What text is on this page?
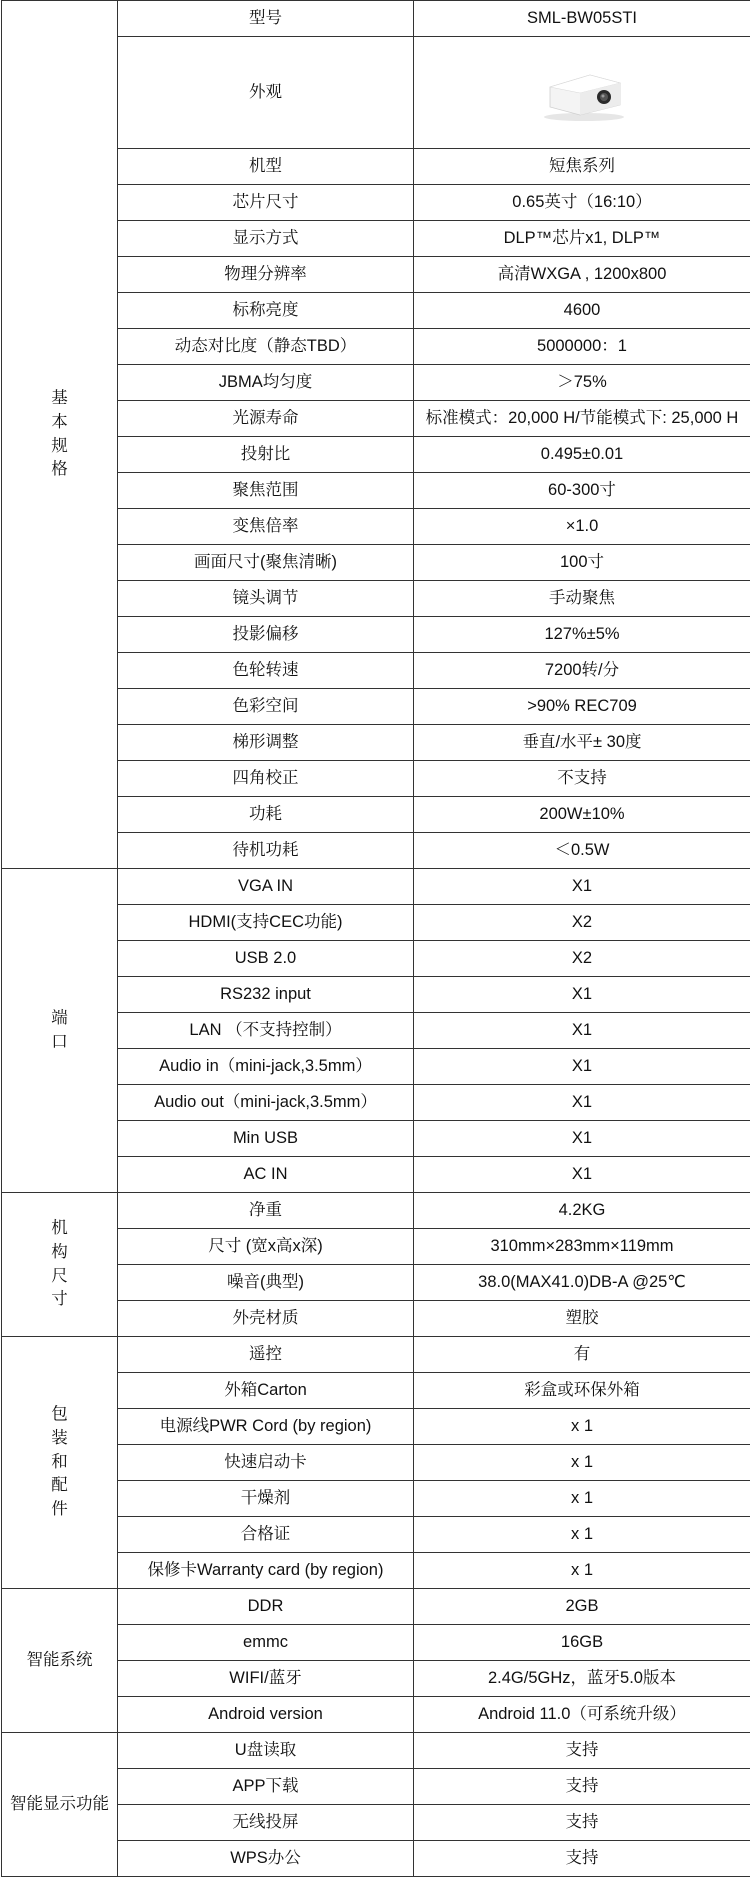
基本规格	型号	SML-BW05STI
	外观	

	机型	短焦系列
	芯片尺寸	0.65英寸（16:10）
	显示方式	DLP™芯片x1, DLP™
	物理分辨率	高清WXGA , 1200x800
	标称亮度	4600
	动态对比度（静态TBD）	5000000：1
	JBMA均匀度	＞75%
	光源寿命	标准模式：20,000 H/节能模式下: 25,000 H
	投射比	0.495±0.01
	聚焦范围	60-300寸
	变焦倍率	×1.0
	画面尺寸(聚焦清晰)	100寸
	镜头调节	手动聚焦
	投影偏移	127%±5%
	色轮转速	7200转/分
	色彩空间	>90% REC709
	梯形调整	垂直/水平± 30度
	四角校正	不支持
	功耗	200W±10%
	待机功耗	＜0.5W
端口	VGA IN	X1
	HDMI(支持CEC功能)	X2
	USB 2.0	X2
	RS232 input	X1
	LAN （不支持控制）	X1
	Audio in（mini-jack,3.5mm）	X1
	Audio out（mini-jack,3.5mm）	X1
	Min USB	X1
	AC IN	X1
机构尺寸	净重	4.2KG
	尺寸 (宽x高x深)	310mm×283mm×119mm
	噪音(典型)	38.0(MAX41.0)DB-A @25℃
	外壳材质	塑胶
包装和配件	遥控	有
	外箱Carton	彩盒或环保外箱
	电源线PWR Cord (by region)	x 1
	快速启动卡	x 1
	干燥剂	x 1
	合格证	x 1
	保修卡Warranty card (by region)	x 1
智能系统	DDR	2GB
	emmc	16GB
	WIFI/蓝牙	2.4G/5GHz，蓝牙5.0版本
	Android version	Android 11.0（可系统升级）
智能显示功能	U盘读取	支持
	APP下载	支持
	无线投屏	支持
	WPS办公	支持
